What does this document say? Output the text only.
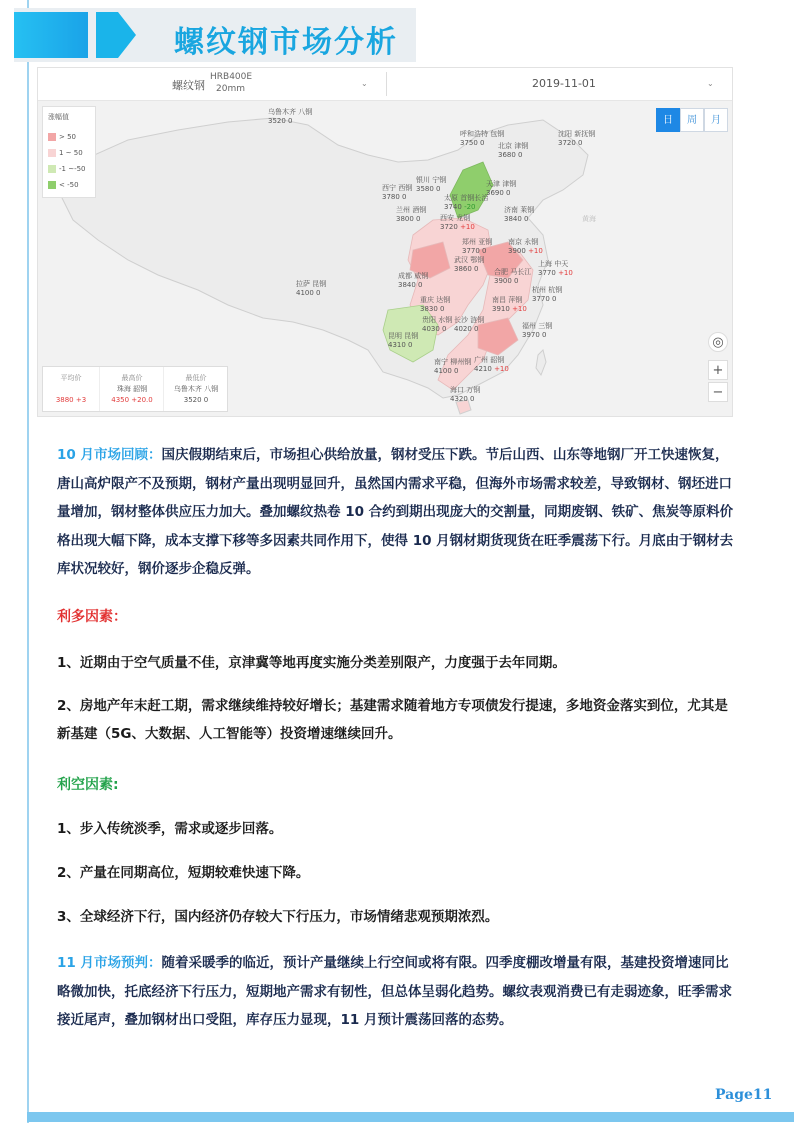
螺纹钢市场分析
螺纹钢
HRB400E
20mm
⌄	2019-11-01	⌄
黄海
乌鲁木齐 八钢
3520 0
呼和浩特 包钢
3750 0
沈阳 新抚钢
3720 0
北京 津钢
3680 0
银川 宁钢
3580 0
天津 津钢
3690 0
西宁 西钢
3780 0	太原 首钢长治
3740 -20
兰州 酒钢
3800 0
济南 莱钢
3840 0
西安 龙钢
3720 +10
郑州 亚钢
3770 0
南京 永钢
3900 +10
武汉 鄂钢
3860 0	合肥 马长江
3900 0
上海 中天
3770 +10
成都 威钢
3840 0
杭州 杭钢
3770 0
拉萨 昆钢
4100 0
重庆 达钢
3830 0
南昌 萍钢
3910 +10
长沙 涟钢
4020 0
贵阳 水钢
4030 0	福州 三钢
3970 0
昆明 昆钢
4310 0
南宁 柳州钢
4100 0
广州 韶钢
4210 +10
海口 万钢
4320 0
涨幅值
> 50
1 ~ 50
-1 ~-50
< -50
日	周	月
◎
+
−
平均价
3880 +3
最高价
珠海 韶钢
4350 +20.0
最低价
乌鲁木齐 八钢
3520 0
10 月市场回顾：国庆假期结束后，市场担心供给放量，钢材受压下跌。节后山西、山东等地钢厂开工快速恢复，唐山高炉限产不及预期，钢材产量出现明显回升，虽然国内需求平稳，但海外市场需求较差，导致钢材、钢坯进口量增加，钢材整体供应压力加大。叠加螺纹热卷 10 合约到期出现庞大的交割量，同期废钢、铁矿、焦炭等原料价格出现大幅下降，成本支撑下移等多因素共同作用下，使得 10 月钢材期货现货在旺季震荡下行。月底由于钢材去库状况较好，钢价逐步企稳反弹。
利多因素：
1、近期由于空气质量不佳，京津冀等地再度实施分类差别限产，力度强于去年同期。
2、房地产年末赶工期，需求继续维持较好增长；基建需求随着地方专项债发行提速，多地资金落实到位，尤其是新基建（5G、大数据、人工智能等）投资增速继续回升。
利空因素:
1、步入传统淡季，需求或逐步回落。
2、产量在同期高位，短期较难快速下降。
3、全球经济下行，国内经济仍存较大下行压力，市场情绪悲观预期浓烈。
11 月市场预判：随着采暖季的临近，预计产量继续上行空间或将有限。四季度棚改增量有限，基建投资增速同比略微加快，托底经济下行压力，短期地产需求有韧性，但总体呈弱化趋势。螺纹表观消费已有走弱迹象，旺季需求接近尾声，叠加钢材出口受阻，库存压力显现，11 月预计震荡回落的态势。
Page11
